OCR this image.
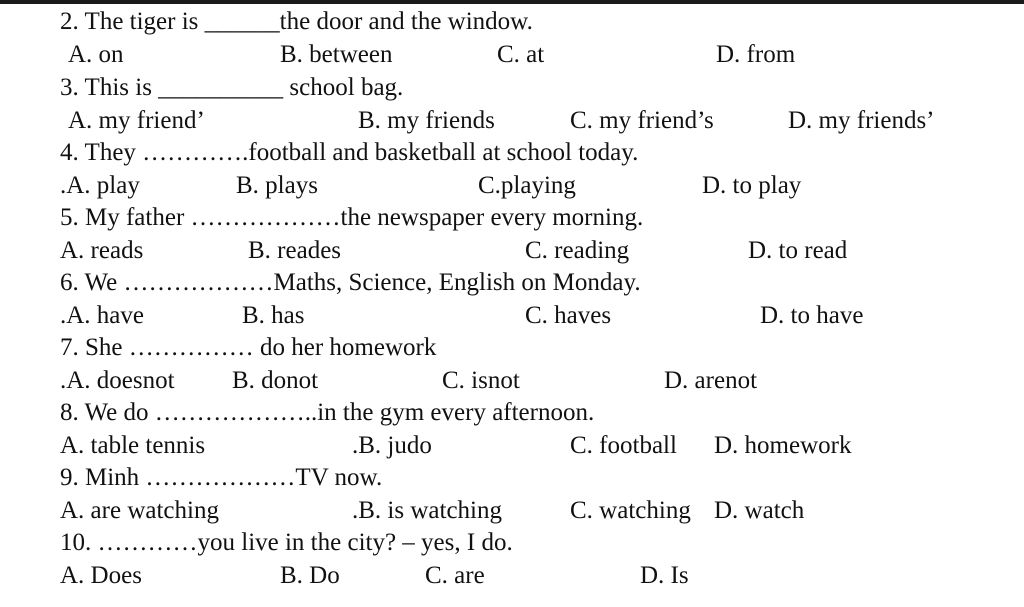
2. The tiger is ______the door and the window.
A. on	B. between	C. at	D. from
3. This is __________ school bag.
A. my friend’	B. my friends	C. my friend’s	D. my friends’
4. They ………….football and basketball at school today.
.A. play	B. plays	C.playing	D. to play
5. My father ………………the newspaper every morning.
A. reads	B. reades	C. reading	D. to read
6. We ………………Maths, Science, English on Monday.
.A. have	B. has	C. haves	D. to have
7. She …………… do her homework
.A. doesnot B. donot	C. isnot	D. arenot
8. We do ………………..in the gym every afternoon.
A. table tennis	.B. judo	C. football D. homework
9. Minh ………………TV now.
A. are watching	.B. is watching	C. watching D. watch
10. …………you live in the city? – yes, I do.
A. Does	B. Do	C. are	D. Is
